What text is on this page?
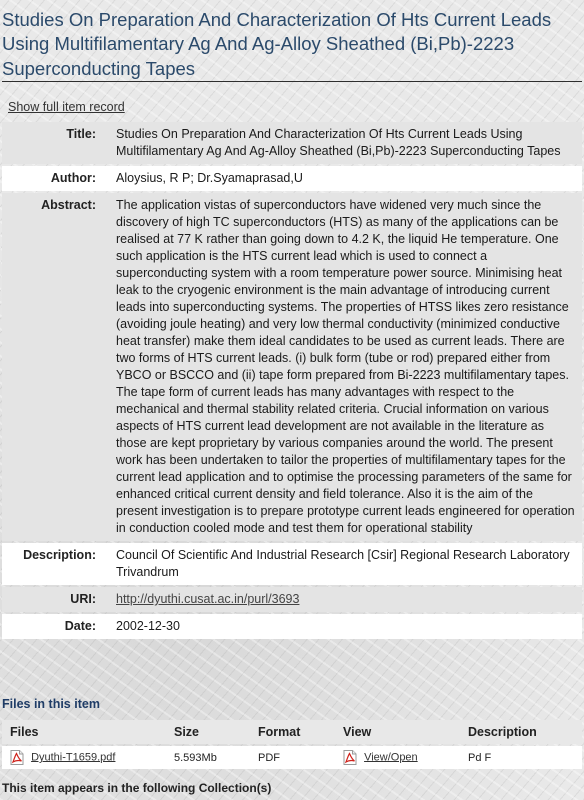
Studies On Preparation And Characterization Of Hts Current Leads Using Multifilamentary Ag And Ag-Alloy Sheathed (Bi,Pb)-2223 Superconducting Tapes
Show full item record
Title:	Studies On Preparation And Characterization Of Hts Current Leads Using Multifilamentary Ag And Ag-Alloy Sheathed (Bi,Pb)-2223 Superconducting Tapes
Author:	Aloysius, R P; Dr.Syamaprasad,U
Abstract:	The application vistas of superconductors have widened very much since the discovery of high TC superconductors (HTS) as many of the applications can be realised at 77 K rather than going down to 4.2 K, the liquid He temperature. One such application is the HTS current lead which is used to connect a superconducting system with a room temperature power source. Minimising heat leak to the cryogenic environment is the main advantage of introducing current leads into superconducting systems. The properties of HTSS likes zero resistance (avoiding joule heating) and very low thermal conductivity (minimized conductive heat transfer) make them ideal candidates to be used as current leads. There are two forms of HTS current leads. (i) bulk form (tube or rod) prepared either from YBCO or BSCCO and (ii) tape form prepared from Bi-2223 multifilamentary tapes. The tape form of current leads has many advantages with respect to the mechanical and thermal stability related criteria. Crucial information on various aspects of HTS current lead development are not available in the literature as those are kept proprietary by various companies around the world. The present work has been undertaken to tailor the properties of multifilamentary tapes for the current lead application and to optimise the processing parameters of the same for enhanced critical current density and field tolerance. Also it is the aim of the present investigation is to prepare prototype current leads engineered for operation in conduction cooled mode and test them for operational stability
Description:	Council Of Scientific And Industrial Research [Csir] Regional Research Laboratory Trivandrum
URI:	http://dyuthi.cusat.ac.in/purl/3693
Date:	2002-12-30
Files in this item
Files	Size	Format	View	Description
Dyuthi-T1659.pdf	5.593Mb	PDF	View/Open	Pd F
This item appears in the following Collection(s)
